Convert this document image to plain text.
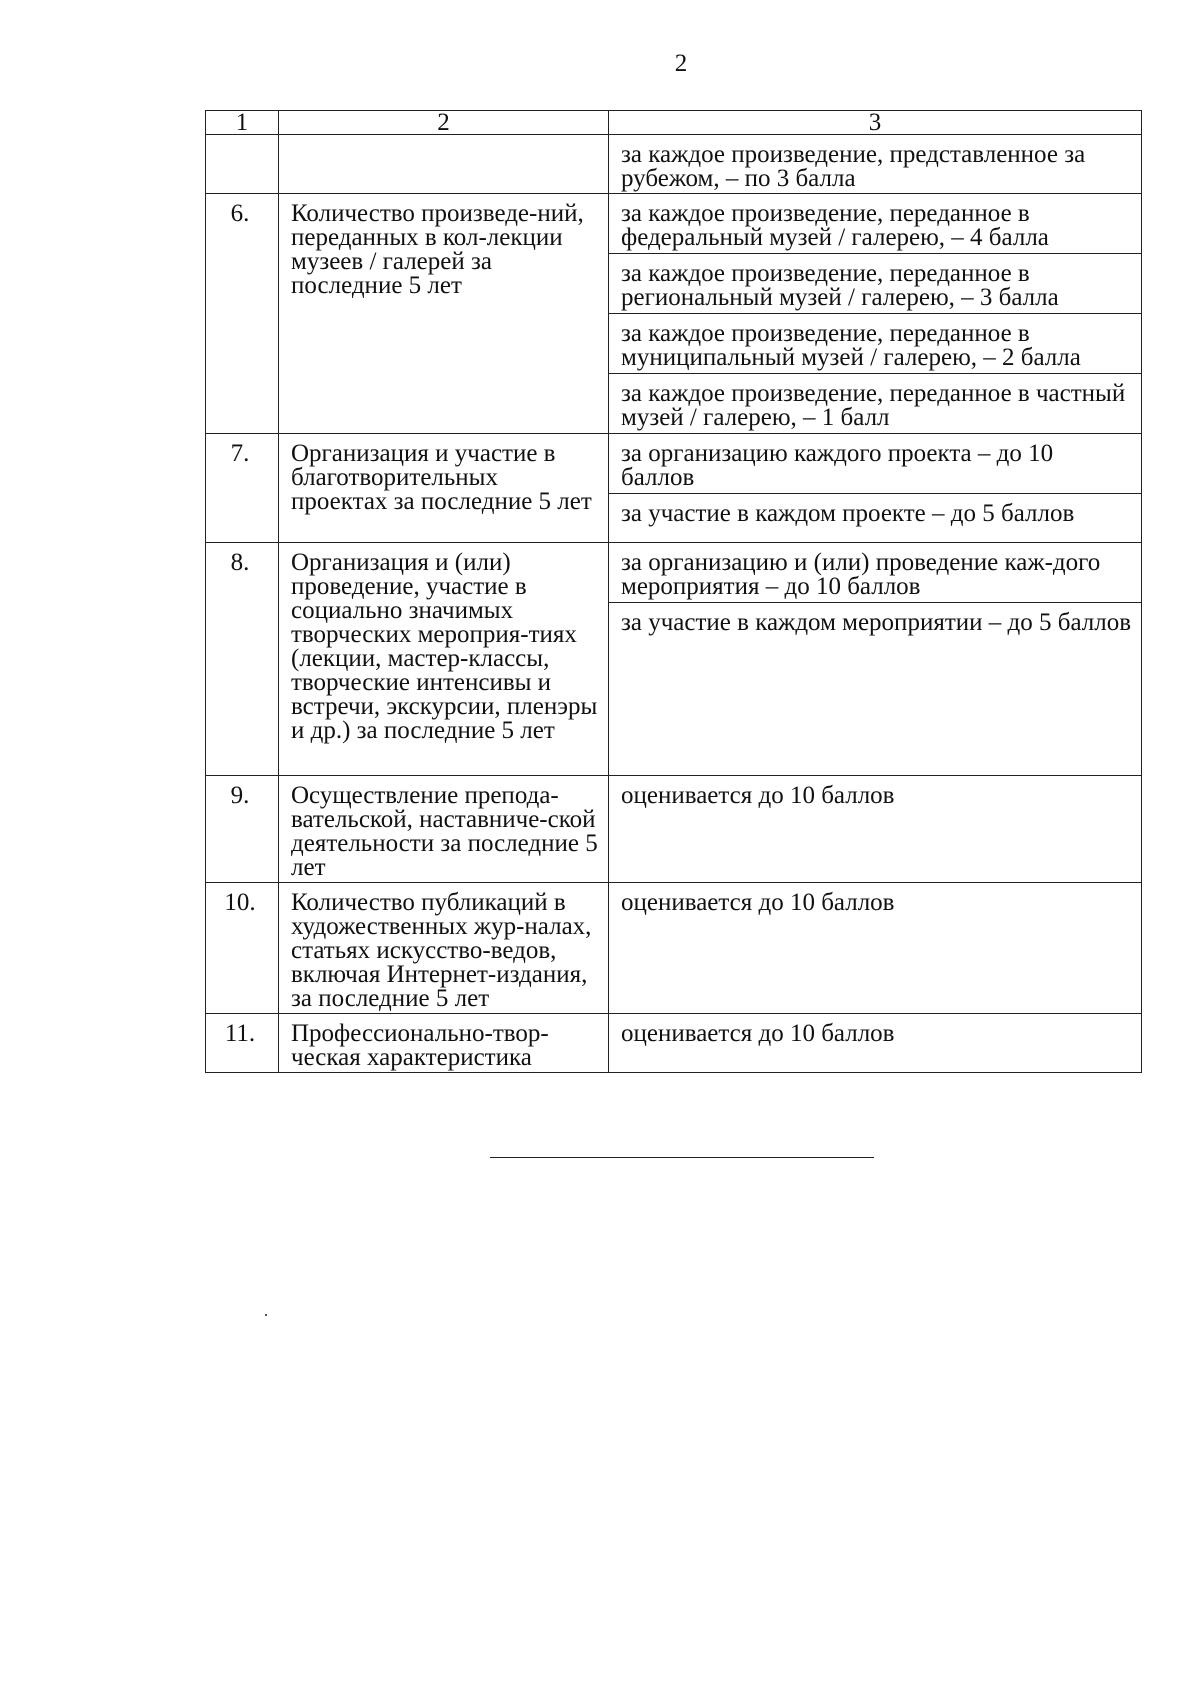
2
1	2	3
		за каждое произведение, представленное за рубежом, – по 3 балла
6.	Количество произведе-ний, переданных в кол-лекции музеев / галерей за последние 5 лет	за каждое произведение, переданное в федеральный музей / галерею, – 4 балла
		за каждое произведение, переданное в региональный музей / галерею, – 3 балла
		за каждое произведение, переданное в муниципальный музей / галерею, – 2 балла
		за каждое произведение, переданное в частный музей / галерею, – 1 балл
7.	Организация и участие в благотворительных проектах за последние 5 лет	за организацию каждого проекта – до 10 баллов
		за участие в каждом проекте – до 5 баллов
8.	Организация и (или) проведение, участие в социально значимых творческих мероприя-тиях (лекции, мастер-классы, творческие интенсивы и встречи, экскурсии, пленэры и др.) за последние 5 лет	за организацию и (или) проведение каж-дого мероприятия – до 10 баллов
		за участие в каждом мероприятии – до 5 баллов
9.	Осуществление препода-вательской, наставниче-ской деятельности за последние 5 лет	оценивается до 10 баллов
10.	Количество публикаций в художественных жур-налах, статьях искусство-ведов, включая Интернет-издания, за последние 5 лет	оценивается до 10 баллов
11.	Профессионально-твор-ческая характеристика	оценивается до 10 баллов
